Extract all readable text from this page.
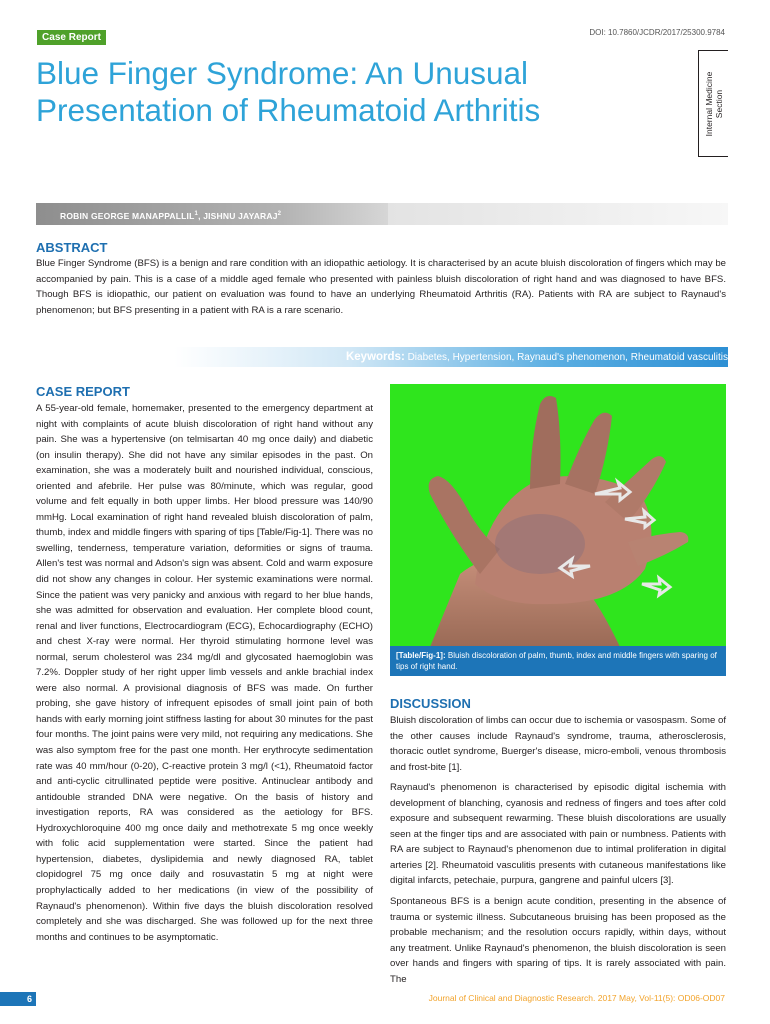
Case Report	DOI: 10.7860/JCDR/2017/25300.9784
Blue Finger Syndrome: An Unusual Presentation of Rheumatoid Arthritis	Internal Medicine Section
ROBIN GEORGE MANAPPALLIL$^1$, JISHNU JAYARAJ$^2$
ABSTRACT

Blue Finger Syndrome (BFS) is a benign and rare condition with an idiopathic aetiology. It is characterised by an acute bluish discoloration of fingers which may be accompanied by pain. This is a case of a middle aged female who presented with painless bluish discoloration of right hand and was diagnosed to have BFS. Though BFS is idiopathic, our patient on evaluation was found to have an underlying Rheumatoid Arthritis (RA). Patients with RA are subject to Raynaud's phenomenon; but BFS presenting in a patient with RA is a rare scenario.

Keywords: Diabetes, Hypertension, Raynaud's phenomenon, Rheumatoid vasculitis
CASE REPORT

A 55-year-old female, homemaker, presented to the emergency department at night with complaints of acute bluish discoloration of right hand without any pain. She was a hypertensive (on telmisartan 40 mg once daily) and diabetic (on insulin therapy). She did not have any similar episodes in the past. On examination, she was a moderately built and nourished individual, conscious, oriented and afebrile. Her pulse was 80/minute, which was regular, good volume and felt equally in both upper limbs. Her blood pressure was 140/90 mmHg. Local examination of right hand revealed bluish discoloration of palm, thumb, index and middle fingers with sparing of tips [Table/Fig-1]. There was no swelling, tenderness, temperature variation, deformities or signs of trauma. Allen's test was normal and Adson's sign was absent. Cold and warm exposure did not show any changes in colour. Her systemic examinations were normal. Since the patient was very panicky and anxious with regard to her blue hands, she was admitted for observation and evaluation. Her complete blood count, renal and liver functions, Electrocardiogram (ECG), Echocardiography (ECHO) and chest X-ray were normal. Her thyroid stimulating hormone level was normal, serum cholesterol was 234 mg/dl and glycosated haemoglobin was 7.2%. Doppler study of her right upper limb vessels and ankle brachial index were also normal. A provisional diagnosis of BFS was made. On further probing, she gave history of infrequent episodes of small joint pain of both hands with early morning joint stiffness lasting for about 30 minutes for the past four months. The joint pains were very mild, not requiring any medications. She was also symptom free for the past one month. Her erythrocyte sedimentation rate was 40 mm/hour (0-20), C-reactive protein 3 mg/l (<1), Rheumatoid factor and anti-cyclic citrullinated peptide were positive. Antinuclear antibody and antidouble stranded DNA were negative. On the basis of history and investigation reports, RA was considered as the aetiology for BFS. Hydroxychloroquine 400 mg once daily and methotrexate 5 mg once weekly with folic acid supplementation were started. Since the patient had hypertension, diabetes, dyslipidemia and newly diagnosed RA, tablet clopidogrel 75 mg once daily and rosuvastatin 5 mg at night were prophylactically added to her medications (in view of the possibility of Raynaud's phenomenon). Within five days the bluish discoloration resolved completely and she was discharged. She was followed up for the next three months and continues to be asymptomatic.

[Table/Fig-1]: Bluish discoloration of palm, thumb, index and middle fingers with sparing of tips of right hand.
DISCUSSION

Bluish discoloration of limbs can occur due to ischemia or vasospasm. Some of the other causes include Raynaud's syndrome, trauma, atherosclerosis, thoracic outlet syndrome, Buerger's disease, micro-emboli, venous thrombosis and frost-bite [1].

Raynaud's phenomenon is characterised by episodic digital ischemia with development of blanching, cyanosis and redness of fingers and toes after cold exposure and subsequent rewarming. These bluish discolorations are usually seen at the finger tips and are associated with pain or numbness. Patients with RA are subject to Raynaud's phenomenon due to intimal proliferation in digital arteries [2]. Rheumatoid vasculitis presents with cutaneous manifestations like digital infarcts, petechaie, purpura, gangrene and painful ulcers [3].

Spontaneous BFS is a benign acute condition, presenting in the absence of trauma or systemic illness. Subcutaneous bruising has been proposed as the probable mechanism; and the resolution occurs rapidly, within days, without any treatment. Unlike Raynaud's phenomenon, the bluish discoloration is seen over hands and fingers with sparing of tips. It is rarely associated with pain. The

6	Journal of Clinical and Diagnostic Research. 2017 May, Vol-11(5): OD06-OD07
